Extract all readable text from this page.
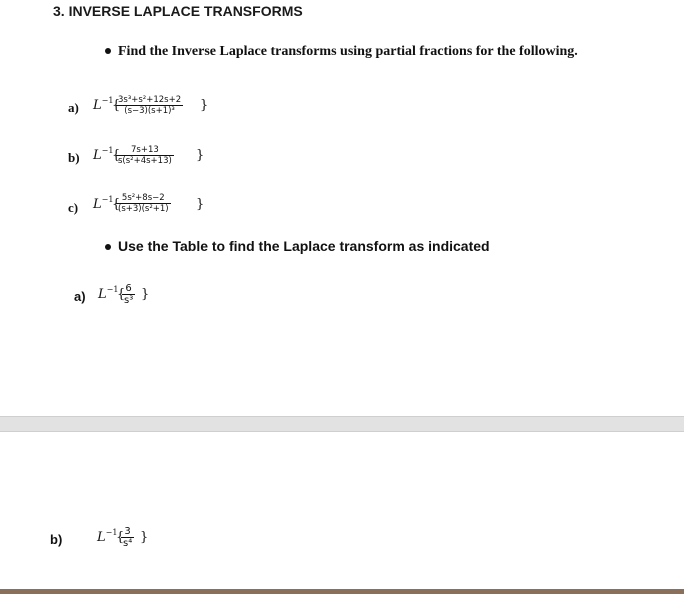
3. INVERSE LAPLACE TRANSFORMS
Find the Inverse Laplace transforms using partial fractions for the following.
a) $L^{-1}$
{
$\frac{\text{3s³+s²+12s+2}}{\text{(s−3)(s+1)³}}$ }
b) $L^{-1}$
{
$\frac{7s+13}{\text{s(s²+4s+13)}}$ }
c) $L^{-1}$
{
$\frac{\text{5s²+8s−2}}{\text{(s+3)(s²+1)}}$ }
Use the Table to find the Laplace transform as indicated
a) $L^{-1}$
{
$\frac{6}{\text{s³}}$ }
b)	$L^{-1}$
{
$\frac{3}{\text{s⁴}}$ }
